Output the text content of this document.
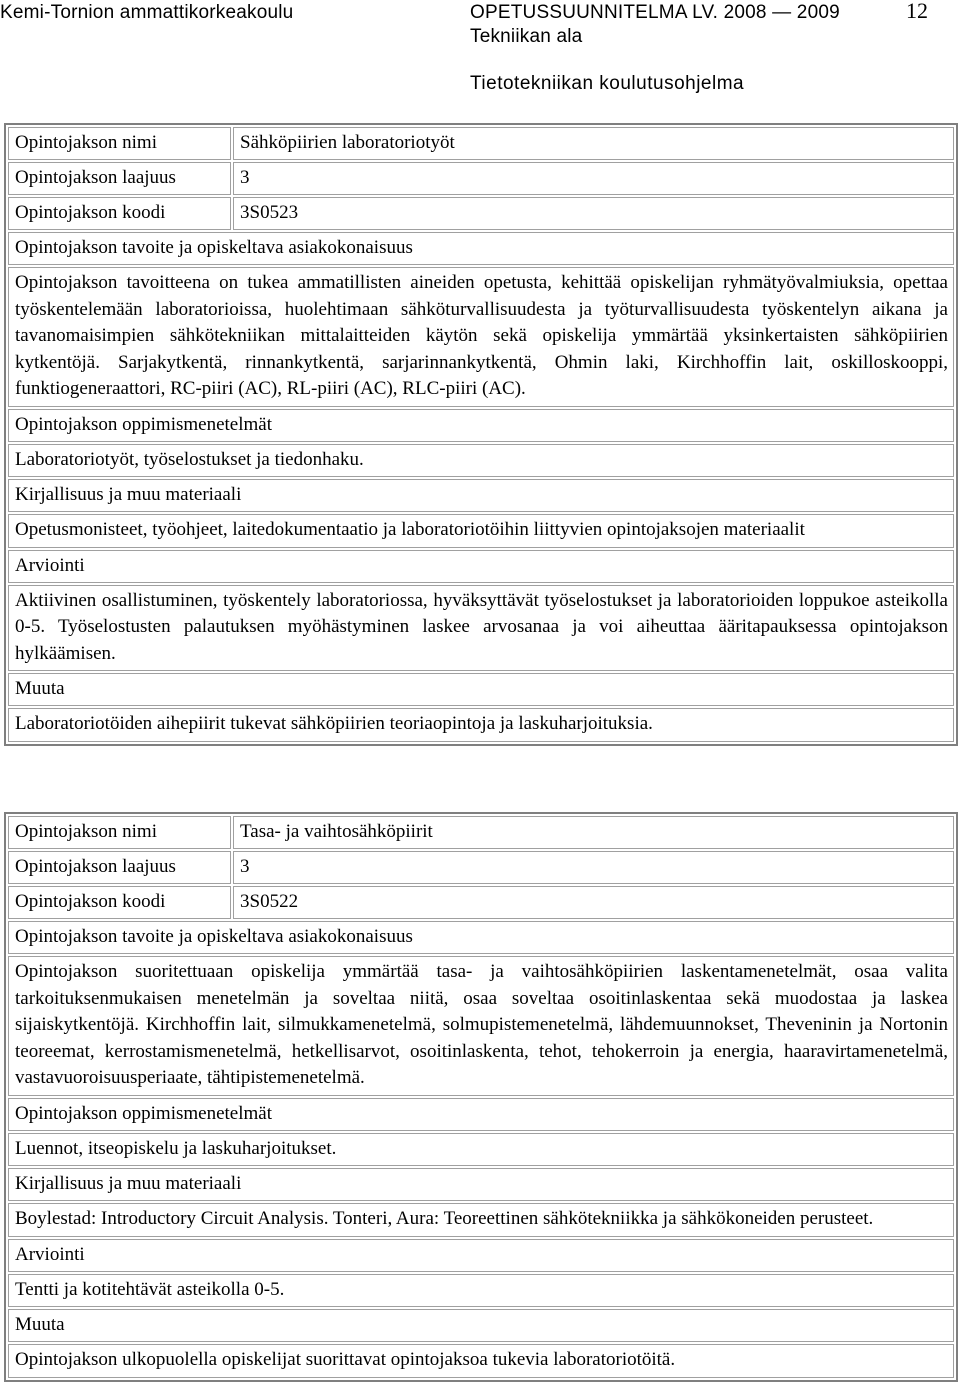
Kemi-Tornion ammattikorkeakoulu	OPETUSSUUNNITELMA LV. 2008 — 2009	12
Tekniikan ala
Tietotekniikan koulutusohjelma
Opintojakson nimi	Sähköpiirien laboratoriotyöt
Opintojakson laajuus	3
Opintojakson koodi	3S0523
Opintojakson tavoite ja opiskeltava asiakokonaisuus	
Opintojakson tavoitteena on tukea ammatillisten aineiden opetusta, kehittää opiskelijan ryhmätyövalmiuksia, opettaa työskentelemään laboratorioissa, huolehtimaan sähköturvallisuudesta ja työturvallisuudesta työskentelyn aikana ja tavanomaisimpien sähkötekniikan mittalaitteiden käytön sekä opiskelija ymmärtää yksinkertaisten sähköpiirien kytkentöjä. Sarjakytkentä, rinnankytkentä, sarjarinnankytkentä, Ohmin laki, Kirchhoffin lait, oskilloskooppi, funktiogeneraattori, RC-piiri (AC), RL-piiri (AC), RLC-piiri (AC).	
Opintojakson oppimismenetelmät	
Laboratoriotyöt, työselostukset ja tiedonhaku.	
Kirjallisuus ja muu materiaali	
Opetusmonisteet, työohjeet, laitedokumentaatio ja laboratoriotöihin liittyvien opintojaksojen materiaalit	
Arviointi	
Aktiivinen osallistuminen, työskentely laboratoriossa, hyväksyttävät työselostukset ja laboratorioiden loppukoe asteikolla 0-5. Työselostusten palautuksen myöhästyminen laskee arvosanaa ja voi aiheuttaa ääritapauksessa opintojakson hylkäämisen.	
Muuta	
Laboratoriotöiden aihepiirit tukevat sähköpiirien teoriaopintoja ja laskuharjoituksia.	
Opintojakson nimi	Tasa- ja vaihtosähköpiirit
Opintojakson laajuus	3
Opintojakson koodi	3S0522
Opintojakson tavoite ja opiskeltava asiakokonaisuus	
Opintojakson suoritettuaan opiskelija ymmärtää tasa- ja vaihtosähköpiirien laskentamenetelmät, osaa valita tarkoituksenmukaisen menetelmän ja soveltaa niitä, osaa soveltaa osoitinlaskentaa sekä muodostaa ja laskea sijaiskytkentöjä. Kirchhoffin lait, silmukkamenetelmä, solmupistemenetelmä, lähdemuunnokset, Theveninin ja Nortonin teoreemat, kerrostamismenetelmä, hetkellisarvot, osoitinlaskenta, tehot, tehokerroin ja energia, haaravirtamenetelmä, vastavuoroisuusperiaate, tähtipistemenetelmä.	
Opintojakson oppimismenetelmät	
Luennot, itseopiskelu ja laskuharjoitukset.	
Kirjallisuus ja muu materiaali	
Boylestad: Introductory Circuit Analysis. Tonteri, Aura: Teoreettinen sähkötekniikka ja sähkökoneiden perusteet.	
Arviointi	
Tentti ja kotitehtävät asteikolla 0-5.	
Muuta	
Opintojakson ulkopuolella opiskelijat suorittavat opintojaksoa tukevia laboratoriotöitä.	
